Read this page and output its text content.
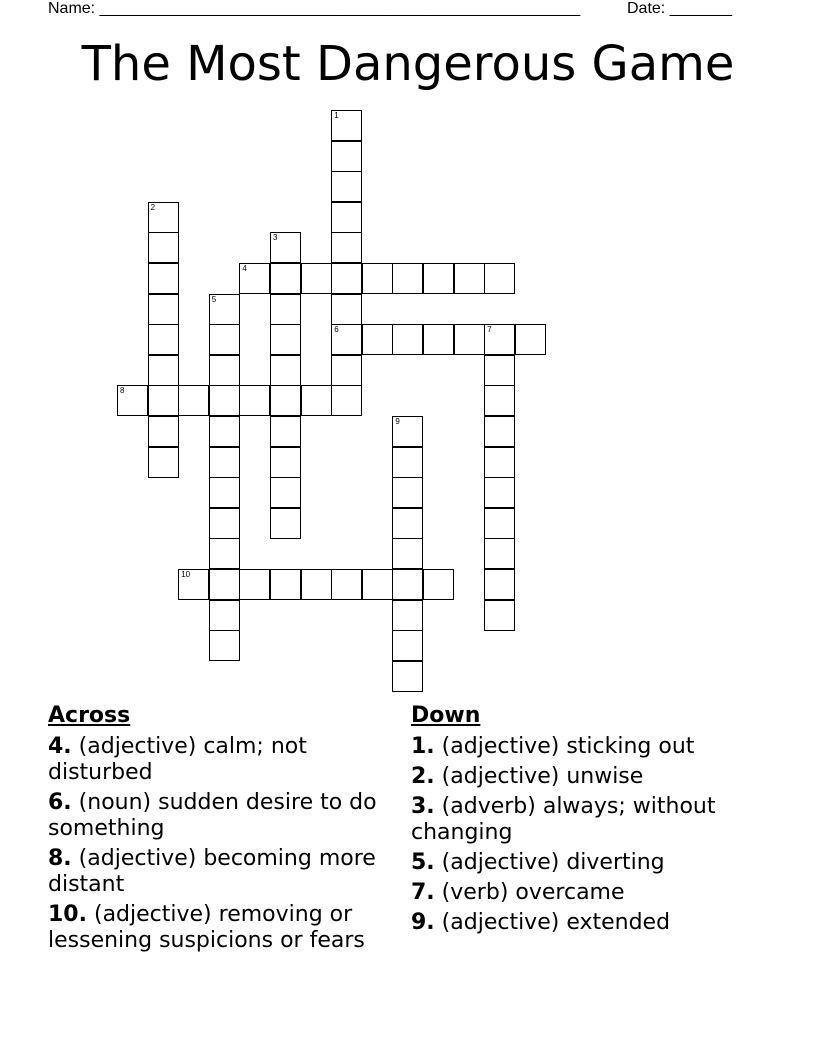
Name: ______________________________________________________	Date: _______
The Most Dangerous Game
1
6
2
3
4
5
7
8
9
10
Across
4. (adjective) calm; not disturbed
6. (noun) sudden desire to do something
8. (adjective) becoming more distant
10. (adjective) removing or lessening suspicions or fears
Down
1. (adjective) sticking out
2. (adjective) unwise
3. (adverb) always; without changing
5. (adjective) diverting
7. (verb) overcame
9. (adjective) extended
